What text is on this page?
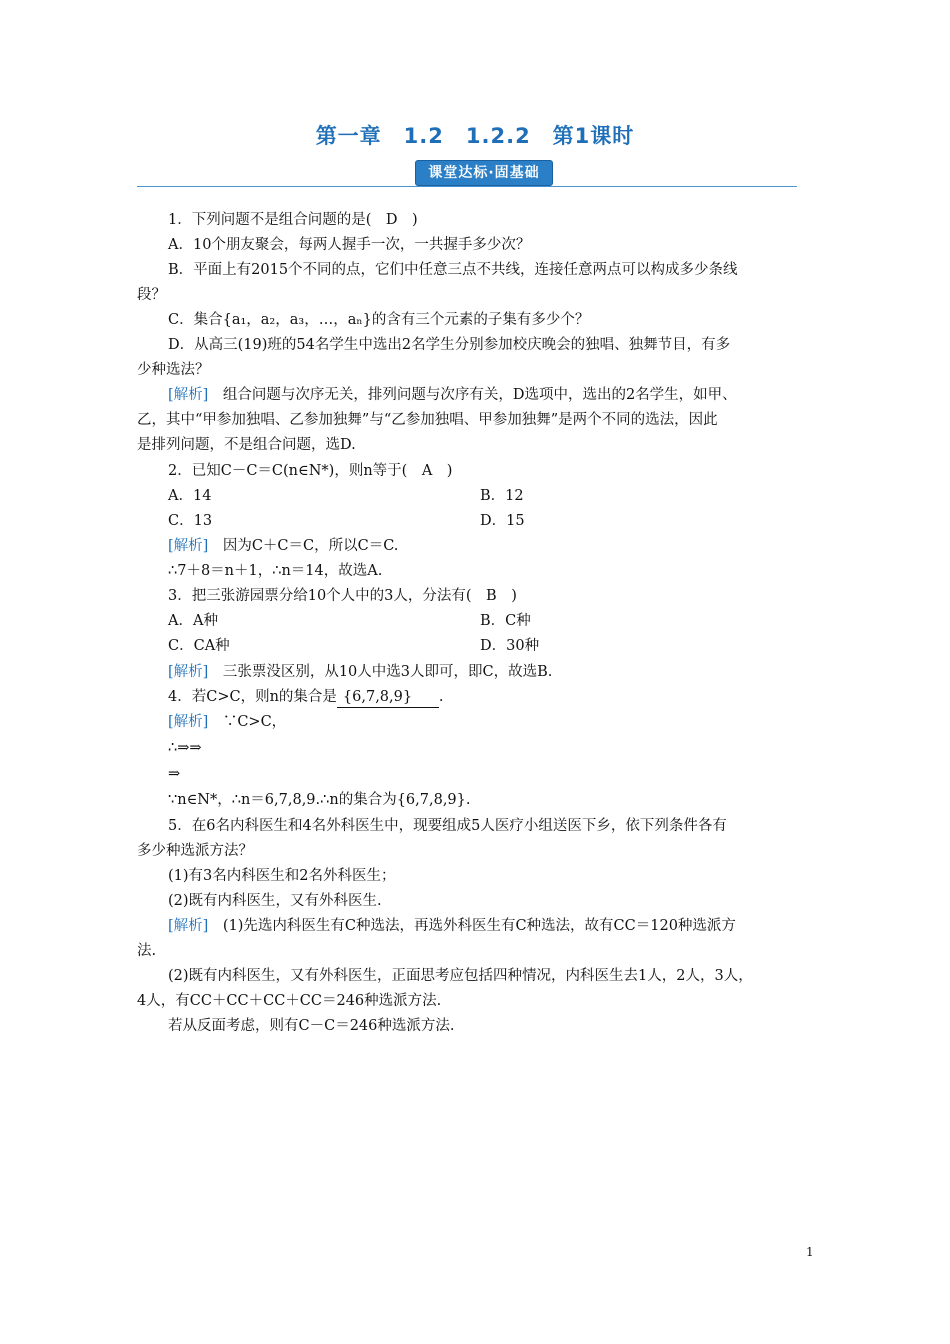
第一章　1.2　1.2.2　第1课时
课堂达标·固基础
1．下列问题不是组合问题的是(　D　)
A．10个朋友聚会，每两人握手一次，一共握手多少次？
B．平面上有2015个不同的点，它们中任意三点不共线，连接任意两点可以构成多少条线
段？
C．集合{a₁，a₂，a₃，…，aₙ}的含有三个元素的子集有多少个？
D．从高三(19)班的54名学生中选出2名学生分别参加校庆晚会的独唱、独舞节目，有多
少种选法？
[解析]　组合问题与次序无关，排列问题与次序有关，D选项中，选出的2名学生，如甲、
乙，其中“甲参加独唱、乙参加独舞”与“乙参加独唱、甲参加独舞”是两个不同的选法，因此
是排列问题，不是组合问题，选D.
2．已知C－C＝C(n∈N*)，则n等于(　A　)
A．14	B．12
C．13	D．15
[解析]　因为C＋C＝C，所以C＝C.
∴7＋8＝n＋1，∴n＝14，故选A.
3．把三张游园票分给10个人中的3人，分法有(　B　)
A．A种	B．C种
C．CA种	D．30种
[解析]　三张票没区别，从10人中选3人即可，即C，故选B.
4．若C>C，则n的集合是 {6,7,8,9} .
[解析]　∵C>C，
∴⇒⇒
⇒
∵n∈N*，∴n＝6,7,8,9.∴n的集合为{6,7,8,9}.
5．在6名内科医生和4名外科医生中，现要组成5人医疗小组送医下乡，依下列条件各有
多少种选派方法？
(1)有3名内科医生和2名外科医生；
(2)既有内科医生，又有外科医生.
[解析]　(1)先选内科医生有C种选法，再选外科医生有C种选法，故有CC＝120种选派方
法.
(2)既有内科医生，又有外科医生，正面思考应包括四种情况，内科医生去1人，2人，3人，
4人，有CC＋CC＋CC＋CC＝246种选派方法.
若从反面考虑，则有C－C＝246种选派方法.
1
